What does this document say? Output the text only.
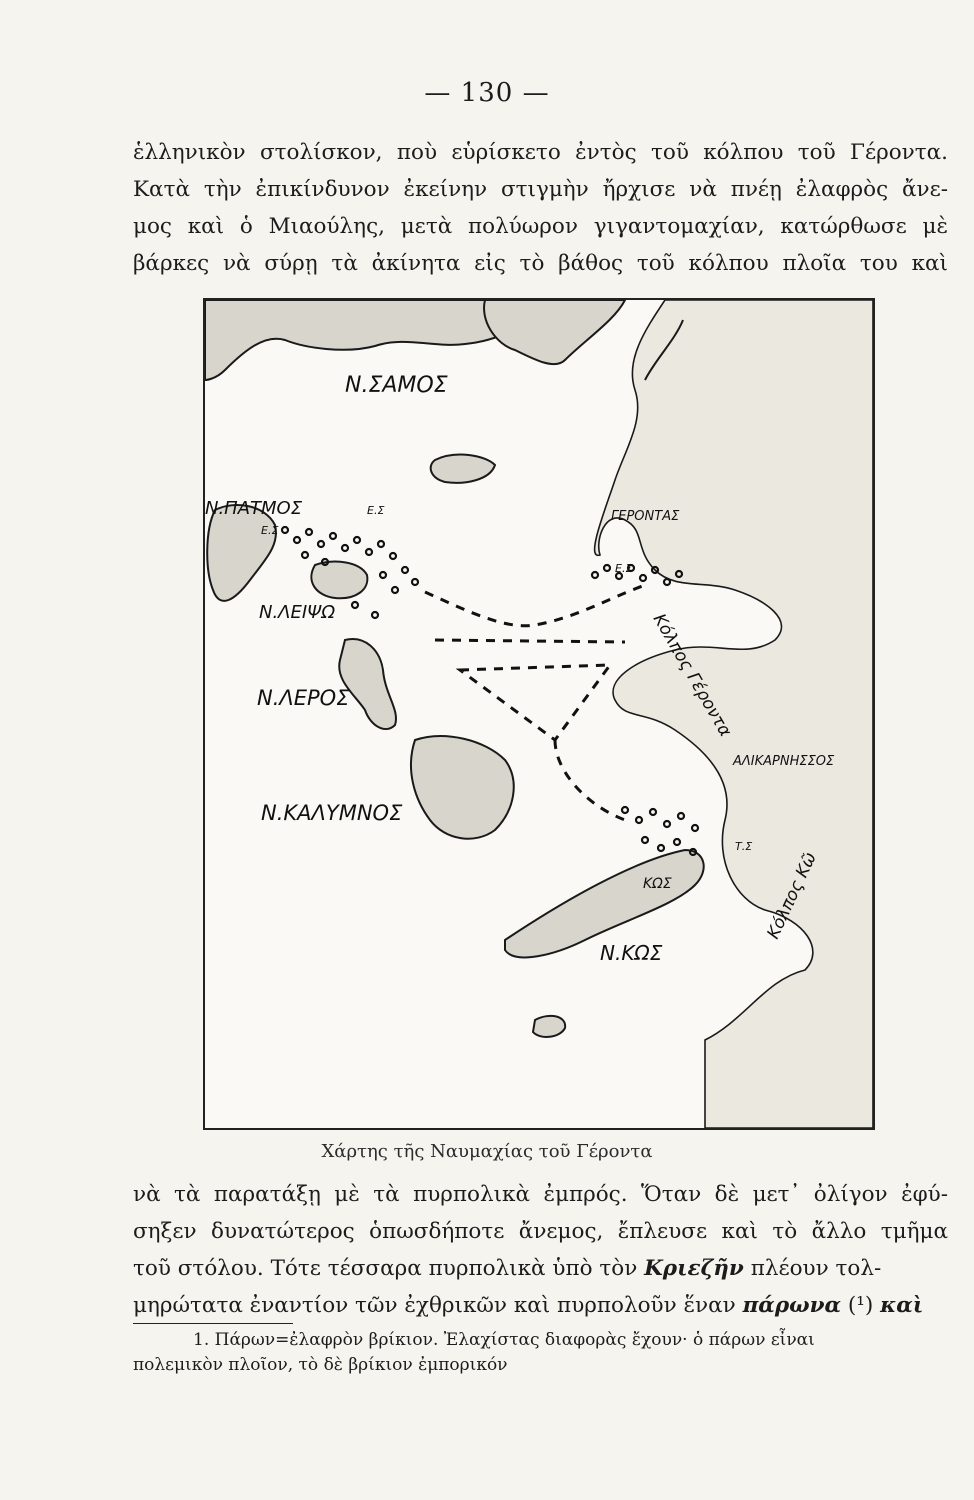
— 130 —
ἑλληνικὸν στολίσκον, ποὺ εὑρίσκετο ἐντὸς τοῦ κόλπου τοῦ Γέροντα.
Κατὰ τὴν ἐπικίνδυνον ἐκείνην στιγμὴν ἤρχισε νὰ πνέῃ ἐλαφρὸς ἄνε-
μος καὶ ὁ Μιαούλης, μετὰ πολύωρον γιγαντομαχίαν, κατώρθωσε μὲ
βάρκες νὰ σύρῃ τὰ ἀκίνητα εἰς τὸ βάθος τοῦ κόλπου πλοῖα του καὶ
Ν.ΣΑΜΟΣ
Ν.ΠΑΤΜΟΣ	Ε.Σ
Ε.Σ
Ν.ΛΕΙΨΩ
Ν.ΛΕΡΟΣ
Ν.ΚΑΛΥΜΝΟΣ
ΓΕΡΟΝΤΑΣ
Ε.Σ
Κόλπος Γέροντα
ΑΛΙΚΑΡΝΗΣΣΟΣ
Τ.Σ
Κόλπος Κῶ
ΚΩΣ
Ν.ΚΩΣ
Χάρτης τῆς Ναυμαχίας τοῦ Γέροντα
νὰ τὰ παρατάξῃ μὲ τὰ πυρπολικὰ ἐμπρός. Ὅταν δὲ μετ᾽ ὀλίγον ἐφύ-
σηξεν δυνατώτερος ὁπωσδήποτε ἄνεμος, ἔπλευσε καὶ τὸ ἄλλο τμῆμα
τοῦ στόλου. Τότε τέσσαρα πυρπολικὰ ὑπὸ τὸν Κριεζῆν πλέουν τολ-
μηρώτατα ἐναντίον τῶν ἐχθρικῶν καὶ πυρπολοῦν ἕναν πάρωνα (¹) καὶ
1. Πάρων=ἐλαφρὸν βρίκιον. Ἐλαχίστας διαφορὰς ἔχουν· ὁ πάρων εἶναι
πολεμικὸν πλοῖον, τὸ δὲ βρίκιον ἐμπορικόν
